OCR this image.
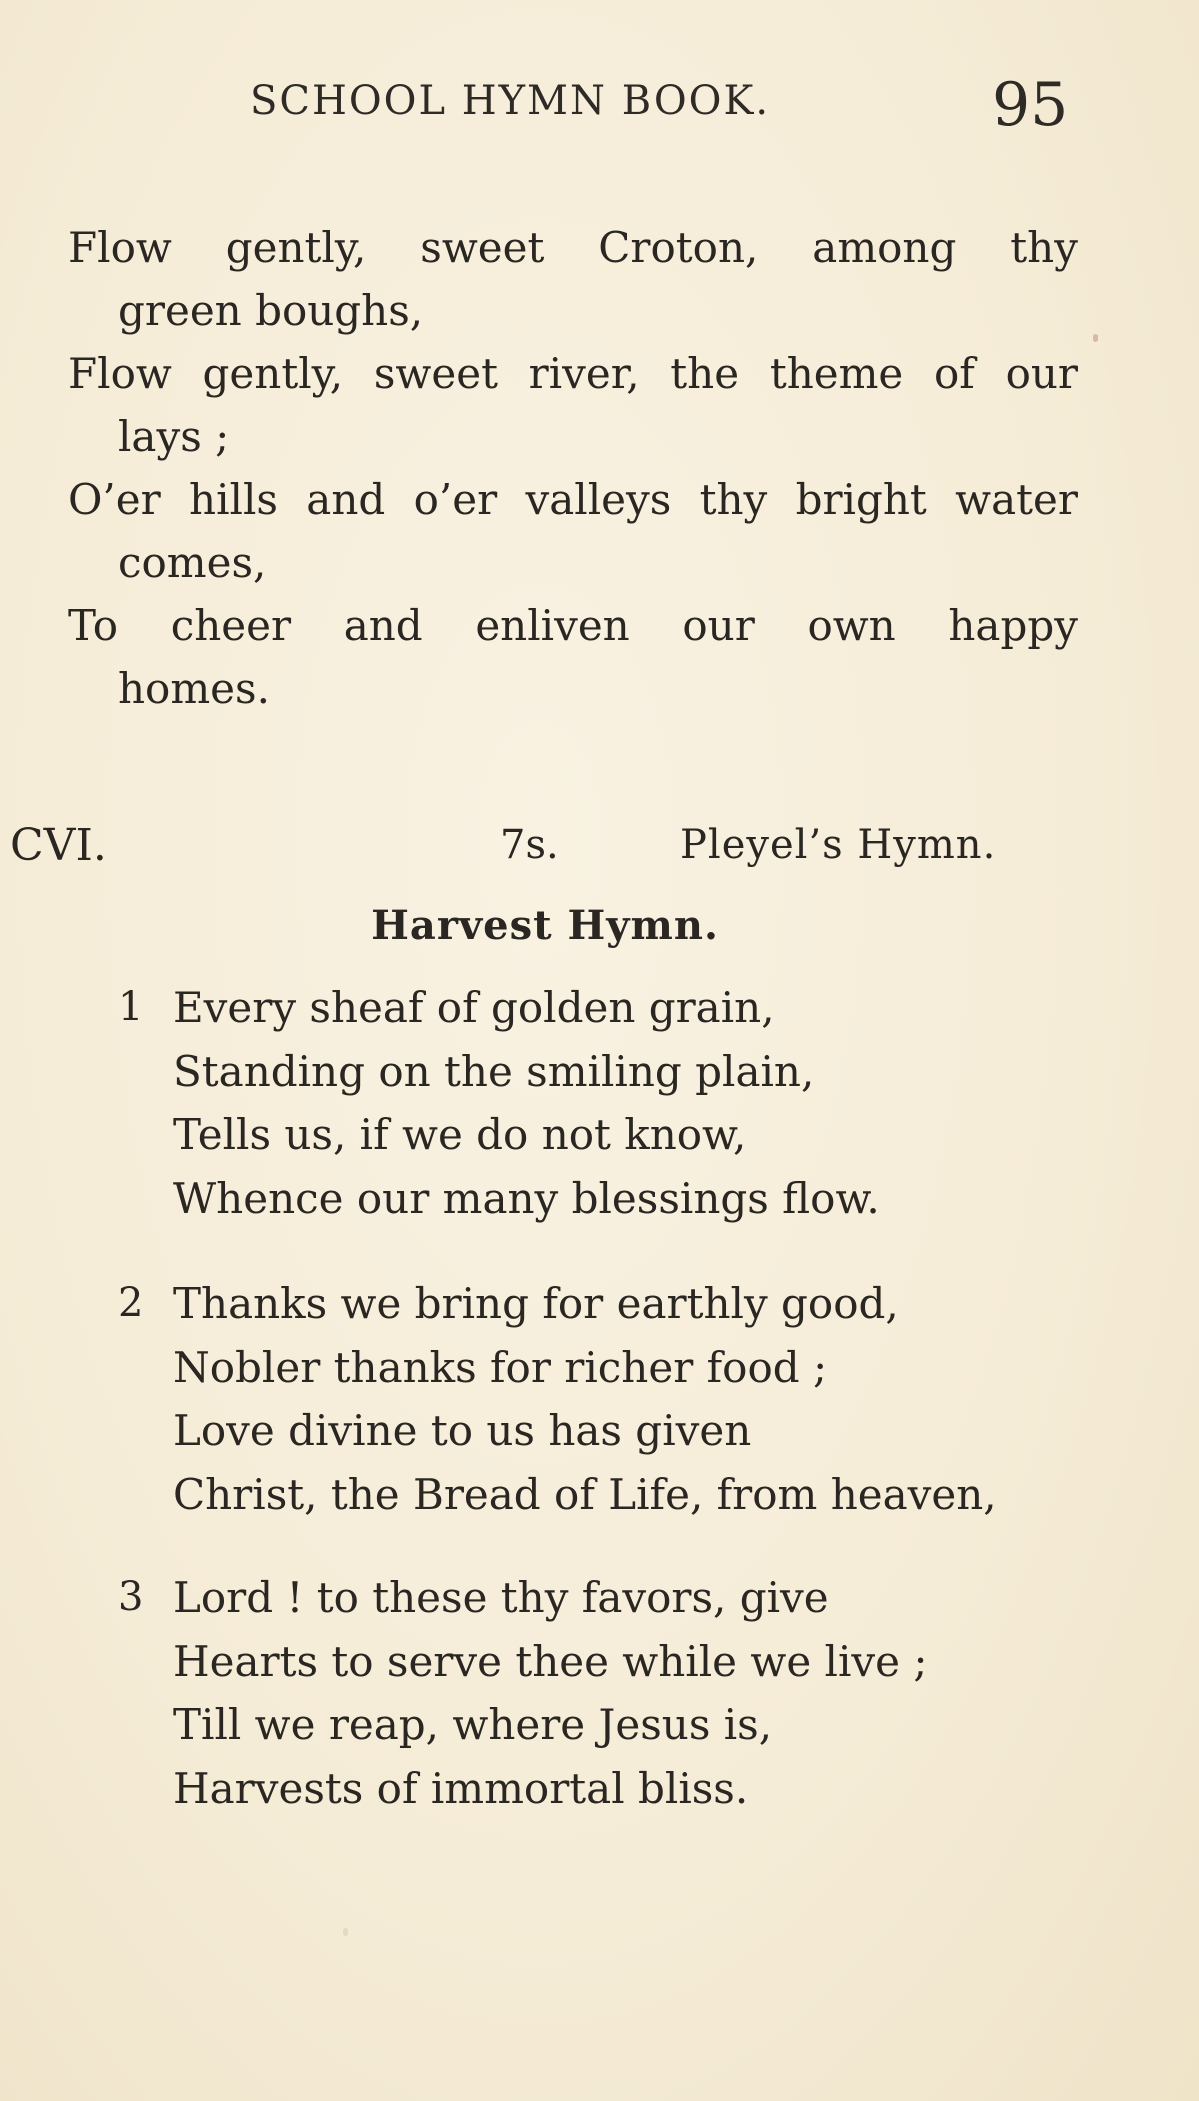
SCHOOL HYMN BOOK.	95
Flow gently, sweet Croton, among thy
green boughs,
Flow gently, sweet river, the theme of our
lays ;
O’er hills and o’er valleys thy bright water
comes,
To cheer and enliven our own happy
homes.
CVI.	7s.	Pleyel’s Hymn.
Harvest Hymn.
1 Every sheaf of golden grain,
Standing on the smiling plain,
Tells us, if we do not know,
Whence our many blessings flow.
2 Thanks we bring for earthly good,
Nobler thanks for richer food ;
Love divine to us has given
Christ, the Bread of Life, from heaven,
3 Lord ! to these thy favors, give
Hearts to serve thee while we live ;
Till we reap, where Jesus is,
Harvests of immortal bliss.
